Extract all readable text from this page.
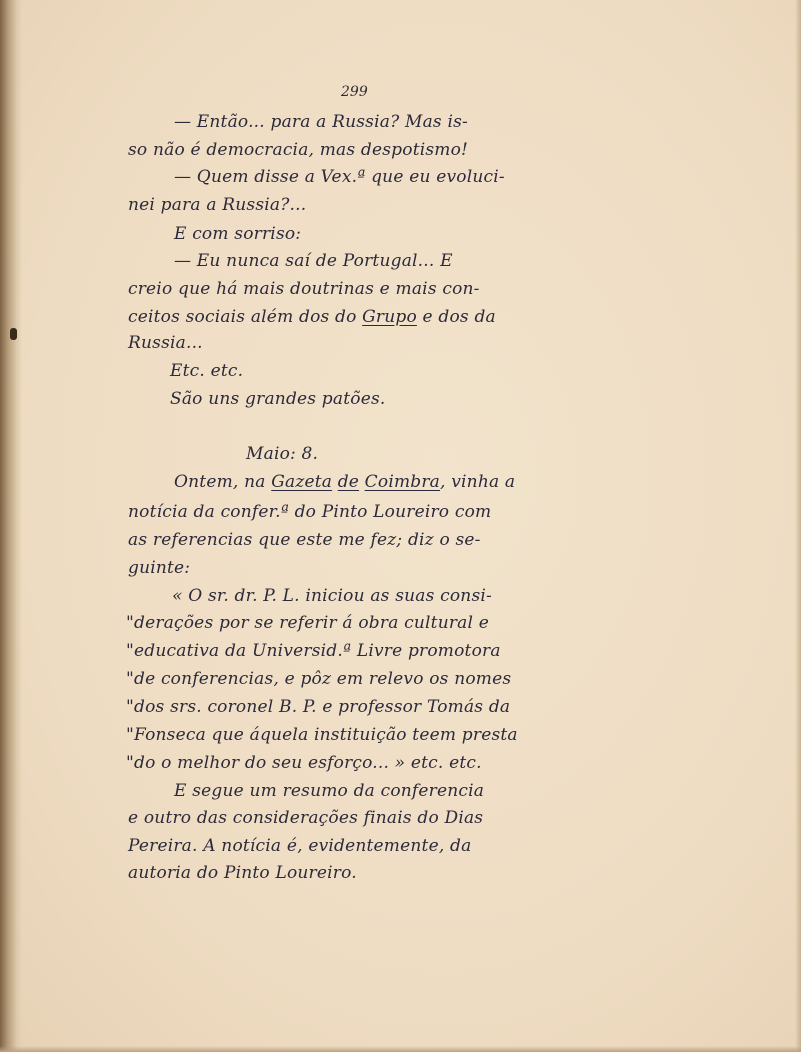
299
— Então... para a Russia? Mas is-
so não é democracia, mas despotismo!
— Quem disse a Vex.ª que eu evoluci-
nei para a Russia?...
E com sorriso:
— Eu nunca saí de Portugal... E
creio que há mais doutrinas e mais con-
ceitos sociais além dos do Grupo e dos da
Russia...
Etc. etc.
São uns grandes patões.
Maio: 8.
Ontem, na Gazeta de Coimbra, vinha a
notícia da confer.ª do Pinto Loureiro com
as referencias que este me fez; diz o se-
guinte:
« O sr. dr. P. L. iniciou as suas consi-
"derações por se referir á obra cultural e
"educativa da Universid.ª Livre promotora
"de conferencias, e pôz em relevo os nomes
"dos srs. coronel B. P. e professor Tomás da
"Fonseca que áquela instituição teem presta
"do o melhor do seu esforço... » etc. etc.
E segue um resumo da conferencia
e outro das considerações finais do Dias
Pereira. A notícia é, evidentemente, da
autoria do Pinto Loureiro.
